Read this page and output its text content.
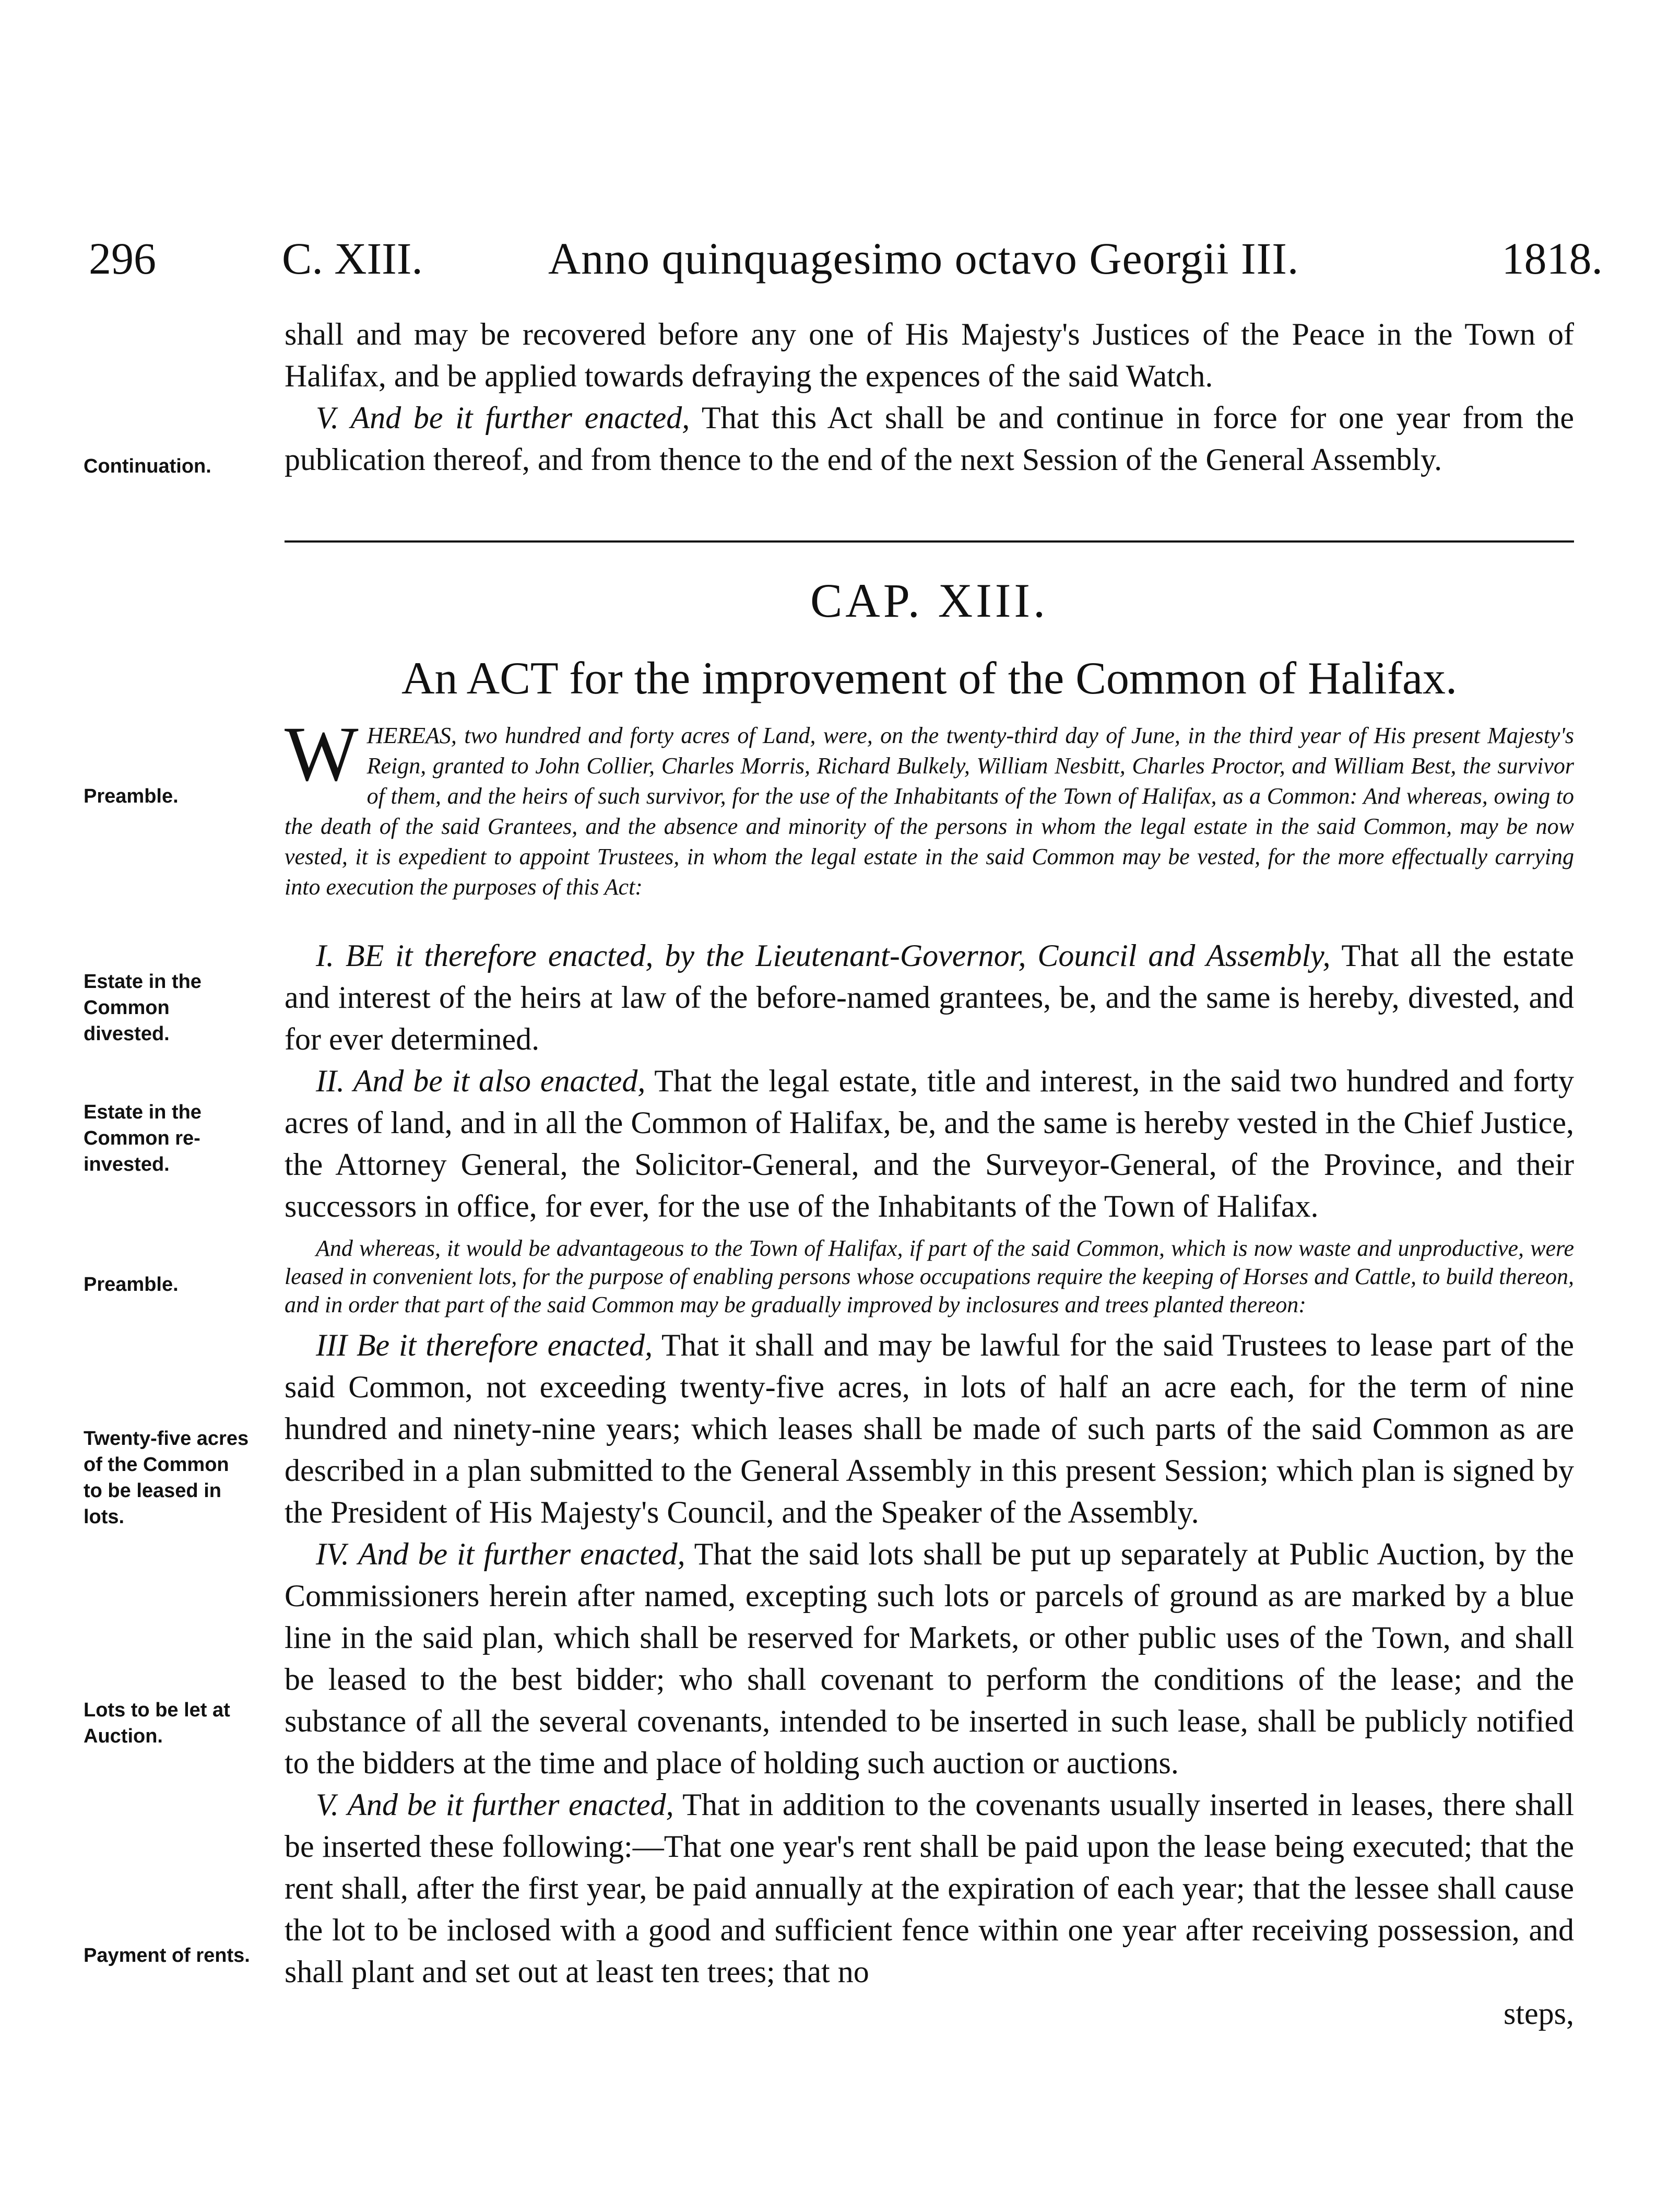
296	C. XIII.	Anno quinquagesimo octavo Georgii III.	1818.

shall and may be recovered before any one of His Majesty's Justices of the Peace in the Town of Halifax, and be applied towards defraying the expences of the said Watch.

V. And be it further enacted, That this Act shall be and continue in force for one year from the publication thereof, and from thence to the end of the next Session of the General Assembly.

Continuation.
CAP. XIII.
An ACT for the improvement of the Common of Halifax.
Preamble.	WHEREAS, two hundred and forty acres of Land, were, on the twenty-third day of June, in the third year of His present Majesty's Reign, granted to John Collier, Charles Morris, Richard Bulkely, William Nesbitt, Charles Proctor, and William Best, the survivor of them, and the heirs of such survivor, for the use of the Inhabitants of the Town of Halifax, as a Common: And whereas, owing to the death of the said Grantees, and the absence and minority of the persons in whom the legal estate in the said Common, may be now vested, it is expedient to appoint Trustees, in whom the legal estate in the said Common may be vested, for the more effectually carrying into execution the purposes of this Act:

Estate in the Common divested.
Estate in the Common re-invested.
Preamble.
Twenty-five acres of the Common to be leased in lots.
Lots to be let at Auction.
Payment of rents.

I. BE it therefore enacted, by the Lieutenant-Governor, Council and Assembly, That all the estate and interest of the heirs at law of the before-named grantees, be, and the same is hereby, divested, and for ever determined.

II. And be it also enacted, That the legal estate, title and interest, in the said two hundred and forty acres of land, and in all the Common of Halifax, be, and the same is hereby vested in the Chief Justice, the Attorney General, the Solicitor-General, and the Surveyor-General, of the Province, and their successors in office, for ever, for the use of the Inhabitants of the Town of Halifax.

And whereas, it would be advantageous to the Town of Halifax, if part of the said Common, which is now waste and unproductive, were leased in convenient lots, for the purpose of enabling persons whose occupations require the keeping of Horses and Cattle, to build thereon, and in order that part of the said Common may be gradually improved by inclosures and trees planted thereon:

III Be it therefore enacted, That it shall and may be lawful for the said Trustees to lease part of the said Common, not exceeding twenty-five acres, in lots of half an acre each, for the term of nine hundred and ninety-nine years; which leases shall be made of such parts of the said Common as are described in a plan submitted to the General Assembly in this present Session; which plan is signed by the President of His Majesty's Council, and the Speaker of the Assembly.

IV. And be it further enacted, That the said lots shall be put up separately at Public Auction, by the Commissioners herein after named, excepting such lots or parcels of ground as are marked by a blue line in the said plan, which shall be reserved for Markets, or other public uses of the Town, and shall be leased to the best bidder; who shall covenant to perform the conditions of the lease; and the substance of all the several covenants, intended to be inserted in such lease, shall be publicly notified to the bidders at the time and place of holding such auction or auctions.

V. And be it further enacted, That in addition to the covenants usually inserted in leases, there shall be inserted these following:—That one year's rent shall be paid upon the lease being executed; that the rent shall, after the first year, be paid annually at the expiration of each year; that the lessee shall cause the lot to be inclosed with a good and sufficient fence within one year after receiving possession, and shall plant and set out at least ten trees; that no

steps,
